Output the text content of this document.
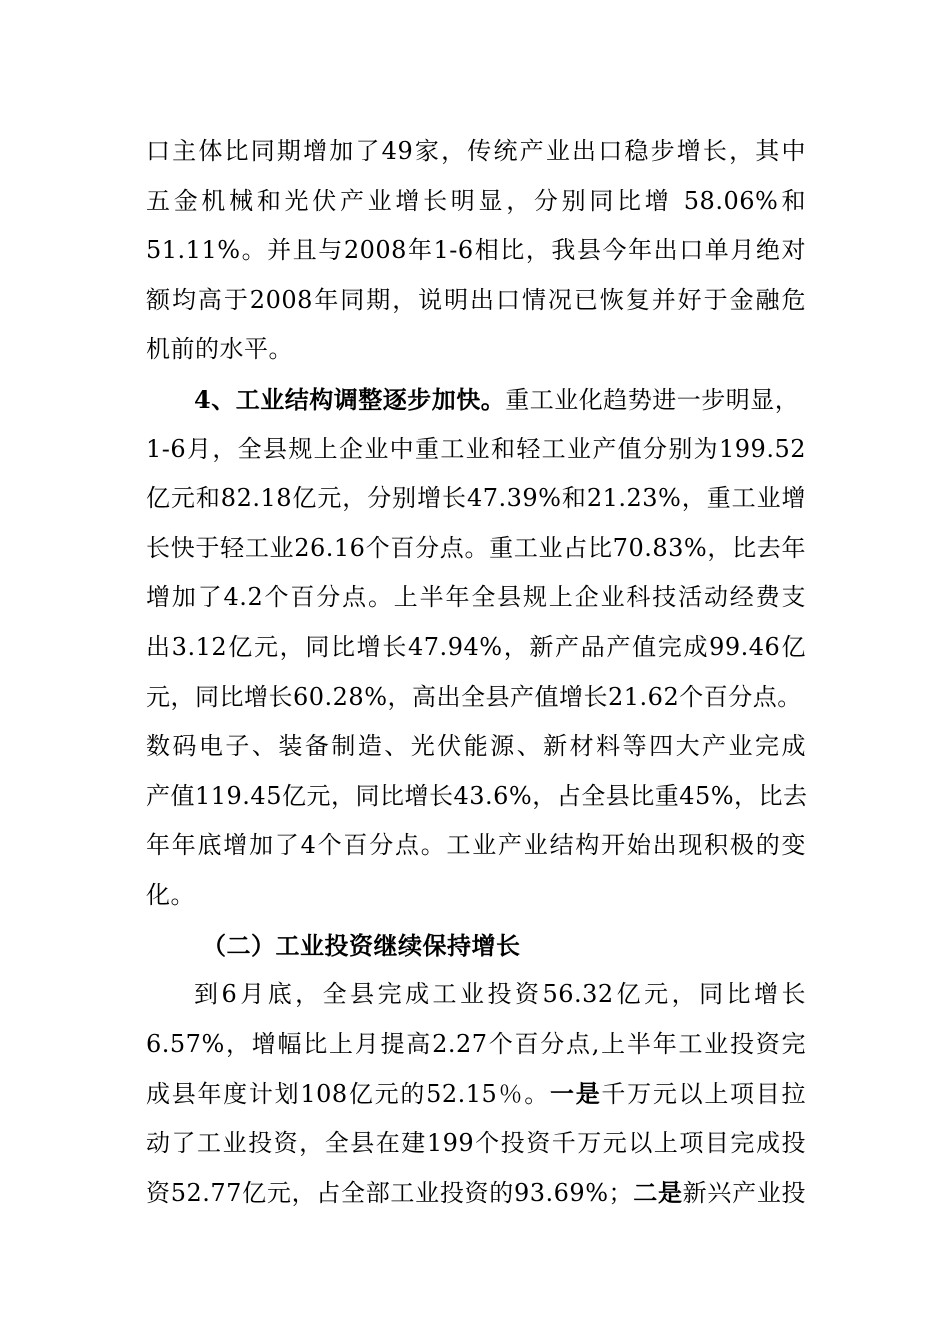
口主体比同期增加了49家，传统产业出口稳步增长，其中
五金机械和光伏产业增长明显，分别同比增 58.06%和
51.11%。并且与2008年1-6相比，我县今年出口单月绝对
额均高于2008年同期，说明出口情况已恢复并好于金融危
机前的水平。
4、工业结构调整逐步加快。重工业化趋势进一步明显，
1-6月，全县规上企业中重工业和轻工业产值分别为199.52
亿元和82.18亿元，分别增长47.39%和21.23%，重工业增
长快于轻工业26.16个百分点。重工业占比70.83%，比去年
增加了4.2个百分点。上半年全县规上企业科技活动经费支
出3.12亿元，同比增长47.94%，新产品产值完成99.46亿
元，同比增长60.28%，高出全县产值增长21.62个百分点。
数码电子、装备制造、光伏能源、新材料等四大产业完成
产值119.45亿元，同比增长43.6%，占全县比重45%，比去
年年底增加了4个百分点。工业产业结构开始出现积极的变
化。
（二）工业投资继续保持增长
到6月底，全县完成工业投资56.32亿元，同比增长
6.57%，增幅比上月提高2.27个百分点,上半年工业投资完
成县年度计划108亿元的52.15％。一是千万元以上项目拉
动了工业投资，全县在建199个投资千万元以上项目完成投
资52.77亿元，占全部工业投资的93.69%；二是新兴产业投
